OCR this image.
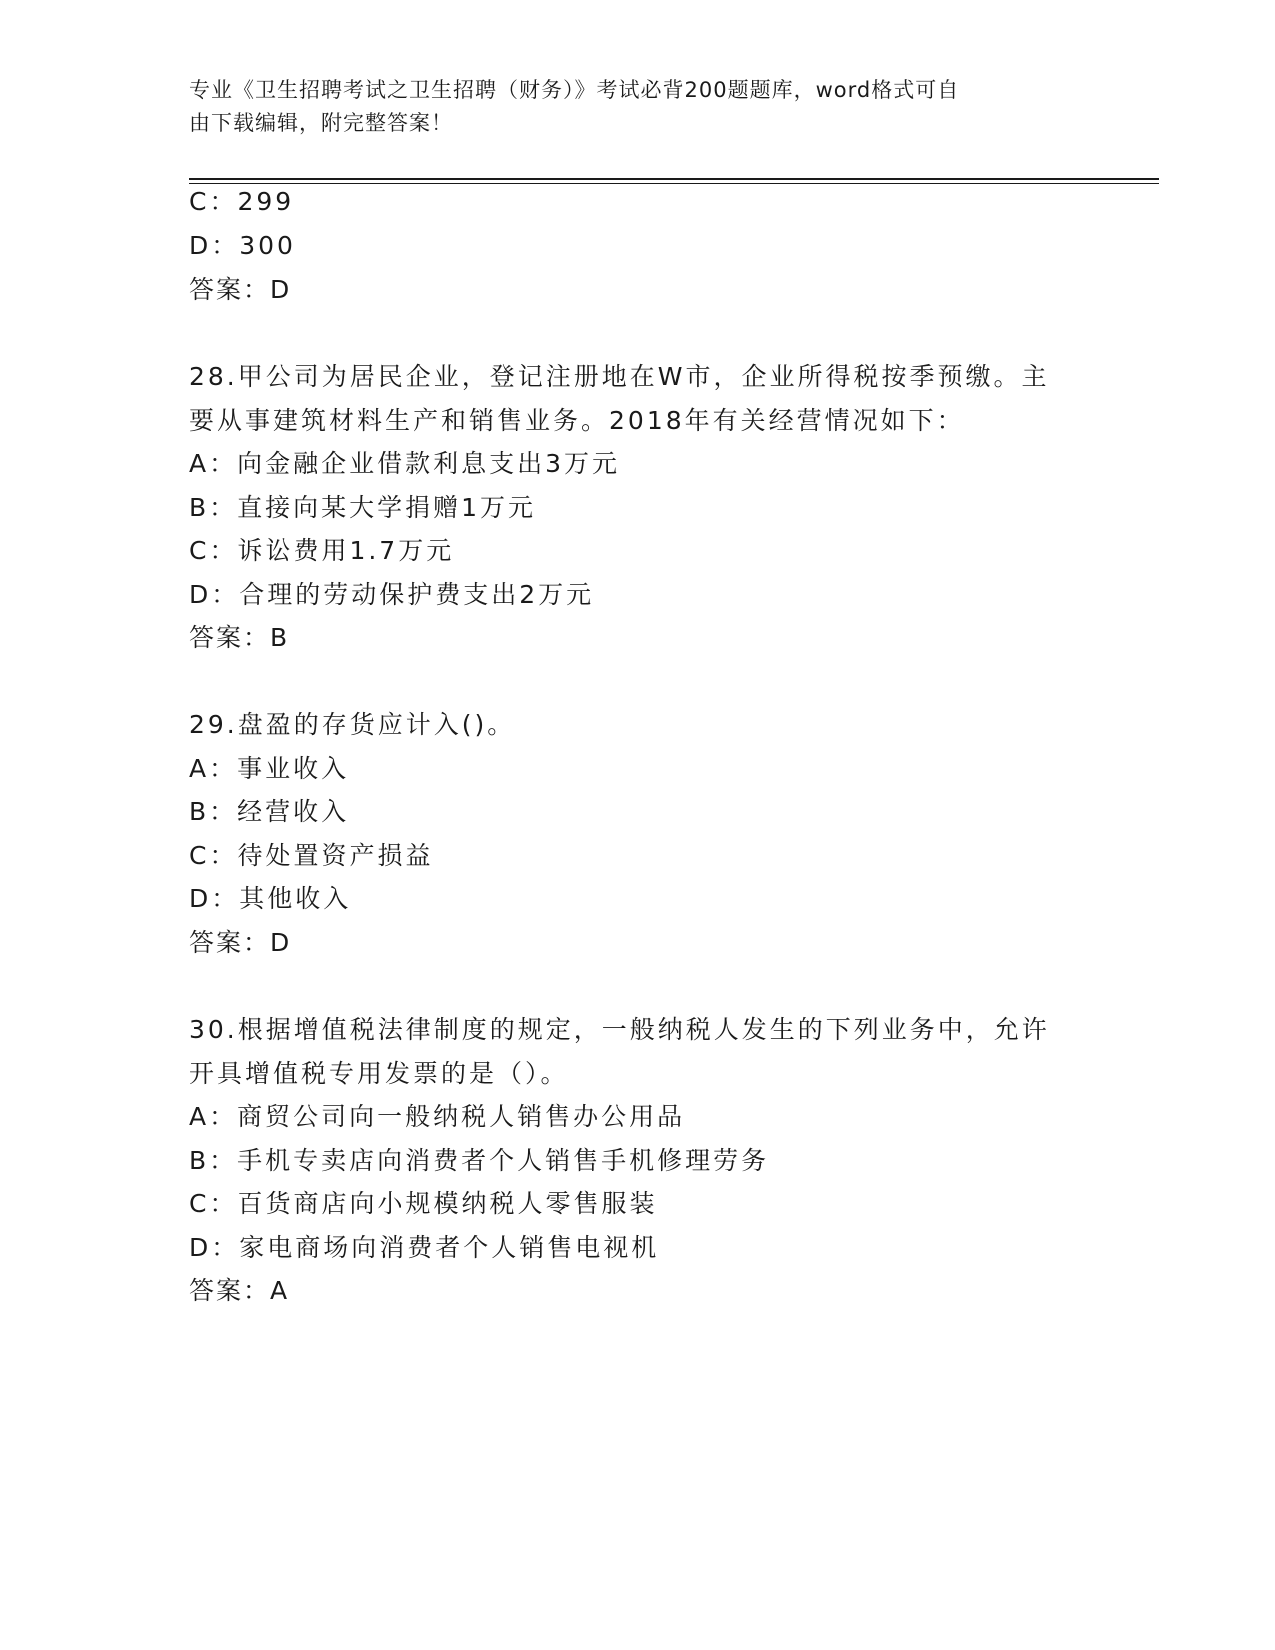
专业《卫生招聘考试之卫生招聘（财务）》考试必背200题题库，word格式可自
由下载编辑，附完整答案！
C：299
D：300
答案：D
28.甲公司为居民企业，登记注册地在W市，企业所得税按季预缴。主
要从事建筑材料生产和销售业务。2018年有关经营情况如下：
A：向金融企业借款利息支出3万元
B：直接向某大学捐赠1万元
C：诉讼费用1.7万元
D：合理的劳动保护费支出2万元
答案：B
29.盘盈的存货应计入()。
A：事业收入
B：经营收入
C：待处置资产损益
D：其他收入
答案：D
30.根据增值税法律制度的规定，一般纳税人发生的下列业务中，允许
开具增值税专用发票的是（）。
A：商贸公司向一般纳税人销售办公用品
B：手机专卖店向消费者个人销售手机修理劳务
C：百货商店向小规模纳税人零售服装
D：家电商场向消费者个人销售电视机
答案：A
